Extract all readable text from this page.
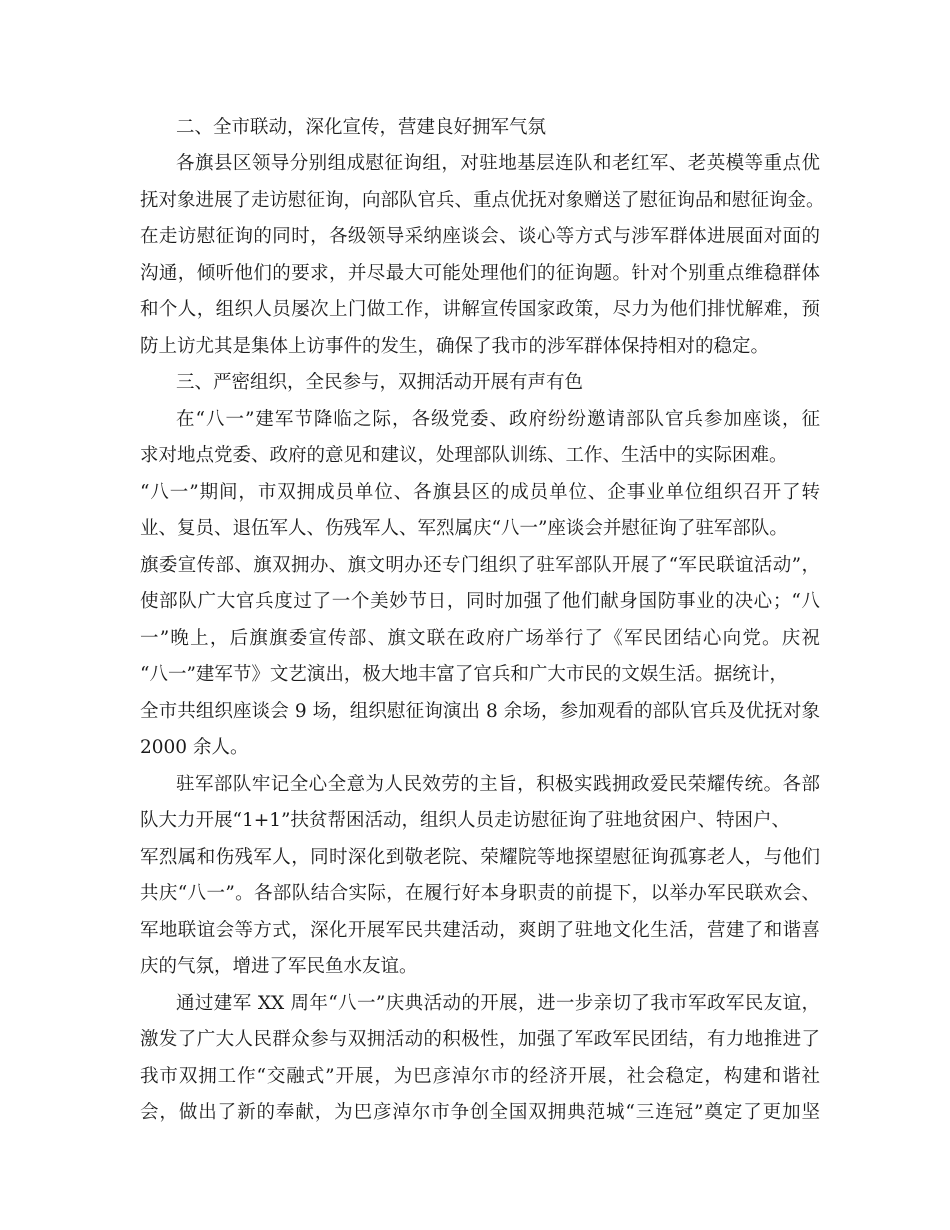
二、全市联动，深化宣传，营建良好拥军气氛
各旗县区领导分别组成慰征询组，对驻地基层连队和老红军、老英模等重点优
抚对象进展了走访慰征询，向部队官兵、重点优抚对象赠送了慰征询品和慰征询金。
在走访慰征询的同时，各级领导采纳座谈会、谈心等方式与涉军群体进展面对面的
沟通，倾听他们的要求，并尽最大可能处理他们的征询题。针对个别重点维稳群体
和个人，组织人员屡次上门做工作，讲解宣传国家政策，尽力为他们排忧解难，预
防上访尤其是集体上访事件的发生，确保了我市的涉军群体保持相对的稳定。
三、严密组织，全民参与，双拥活动开展有声有色
在“八一”建军节降临之际，各级党委、政府纷纷邀请部队官兵参加座谈，征
求对地点党委、政府的意见和建议，处理部队训练、工作、生活中的实际困难。
“八一”期间，市双拥成员单位、各旗县区的成员单位、企事业单位组织召开了转
业、复员、退伍军人、伤残军人、军烈属庆“八一”座谈会并慰征询了驻军部队。
旗委宣传部、旗双拥办、旗文明办还专门组织了驻军部队开展了“军民联谊活动”，
使部队广大官兵度过了一个美妙节日，同时加强了他们献身国防事业的决心；“八
一”晚上，后旗旗委宣传部、旗文联在政府广场举行了《军民团结心向党。庆祝
“八一”建军节》文艺演出，极大地丰富了官兵和广大市民的文娱生活。据统计，
全市共组织座谈会 9 场，组织慰征询演出 8 余场，参加观看的部队官兵及优抚对象
2000 余人。
驻军部队牢记全心全意为人民效劳的主旨，积极实践拥政爱民荣耀传统。各部
队大力开展“1+1”扶贫帮困活动，组织人员走访慰征询了驻地贫困户、特困户、
军烈属和伤残军人，同时深化到敬老院、荣耀院等地探望慰征询孤寡老人，与他们
共庆“八一”。各部队结合实际，在履行好本身职责的前提下，以举办军民联欢会、
军地联谊会等方式，深化开展军民共建活动，爽朗了驻地文化生活，营建了和谐喜
庆的气氛，增进了军民鱼水友谊。
通过建军 XX 周年“八一”庆典活动的开展，进一步亲切了我市军政军民友谊，
激发了广大人民群众参与双拥活动的积极性，加强了军政军民团结，有力地推进了
我市双拥工作“交融式”开展，为巴彦淖尔市的经济开展，社会稳定，构建和谐社
会，做出了新的奉献，为巴彦淖尔市争创全国双拥典范城“三连冠”奠定了更加坚
